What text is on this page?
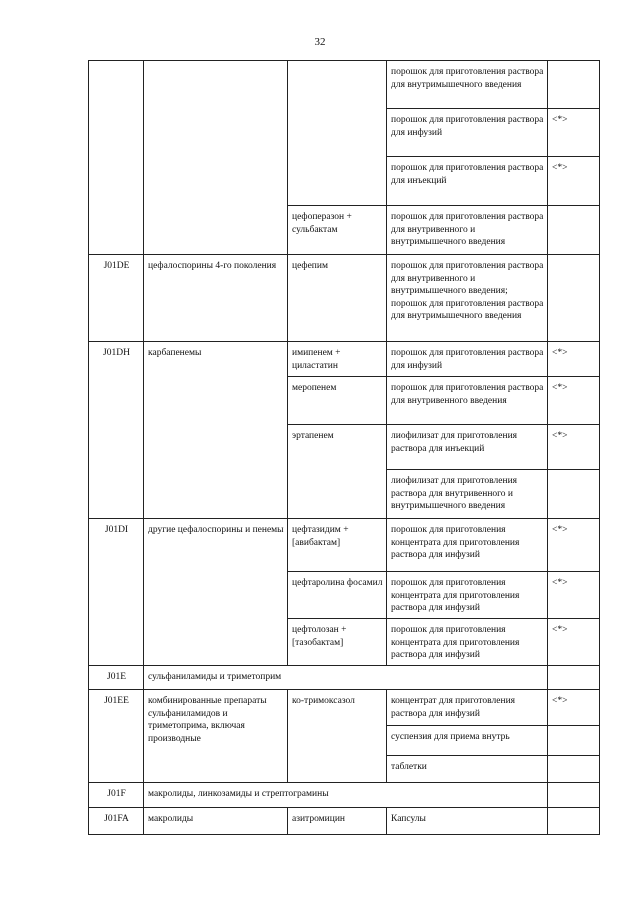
32
			порошок для приготовления раствора для внутримышечного введения	
			порошок для приготовления раствора для инфузий	<*>
			порошок для приготовления раствора для инъекций	<*>
		цефоперазон + сульбактам	порошок для приготовления раствора для внутривенного и внутримышечного введения	
J01DE	цефалоспорины 4-го поколения	цефепим	порошок для приготовления раствора для внутривенного и внутримышечного введения; порошок для приготовления раствора для внутримышечного введения	
J01DH	карбапенемы	имипенем + циластатин	порошок для приготовления раствора для инфузий	<*>
		меропенем	порошок для приготовления раствора для внутривенного введения	<*>
		эртапенем	лиофилизат для приготовления раствора для инъекций	<*>
			лиофилизат для приготовления раствора для внутривенного и внутримышечного введения	
J01DI	другие цефалоспорины и пенемы	цефтазидим + [авибактам]	порошок для приготовления концентрата для приготовления раствора для инфузий	<*>
		цефтаролина фосамил	порошок для приготовления концентрата для приготовления раствора для инфузий	<*>
		цефтолозан + [тазобактам]	порошок для приготовления концентрата для приготовления раствора для инфузий	<*>
J01E	сульфаниламиды и триметоприм			
J01EE	комбинированные препараты сульфаниламидов и триметоприма, включая производные	ко-тримоксазол	концентрат для приготовления раствора для инфузий	<*>
			суспензия для приема внутрь	
			таблетки	
J01F	макролиды, линкозамиды и стрептограмины			
J01FA	макролиды	азитромицин	Капсулы	
